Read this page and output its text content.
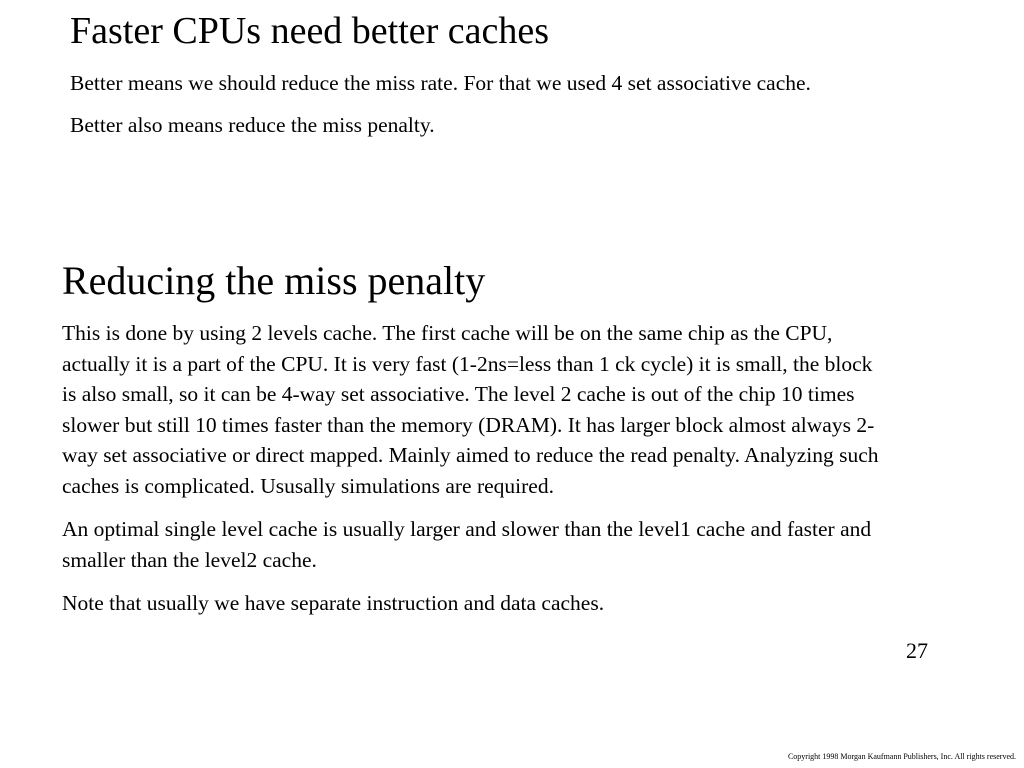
Faster CPUs need better caches

Better means we should reduce the miss rate. For that we used 4 set associative cache.

Better also means reduce the miss penalty.

Reducing the miss penalty

This is done by using 2 levels cache. The first cache will be on the same chip as the CPU, actually it is a part of the CPU. It is very fast (1-2ns=less than 1 ck cycle) it is small, the block is also small, so it can be 4-way set associative. The level 2 cache is out of the chip 10 times slower but still 10 times faster than the memory (DRAM). It has larger block almost always 2-way set associative or direct mapped. Mainly aimed to reduce the read penalty. Analyzing such caches is complicated. Ususally simulations are required.

An optimal single level cache is usually larger and slower than the level1 cache and faster and smaller than the level2 cache.

Note that usually we have separate instruction and data caches.

27

Copyright 1998 Morgan Kaufmann Publishers, Inc. All rights reserved.
